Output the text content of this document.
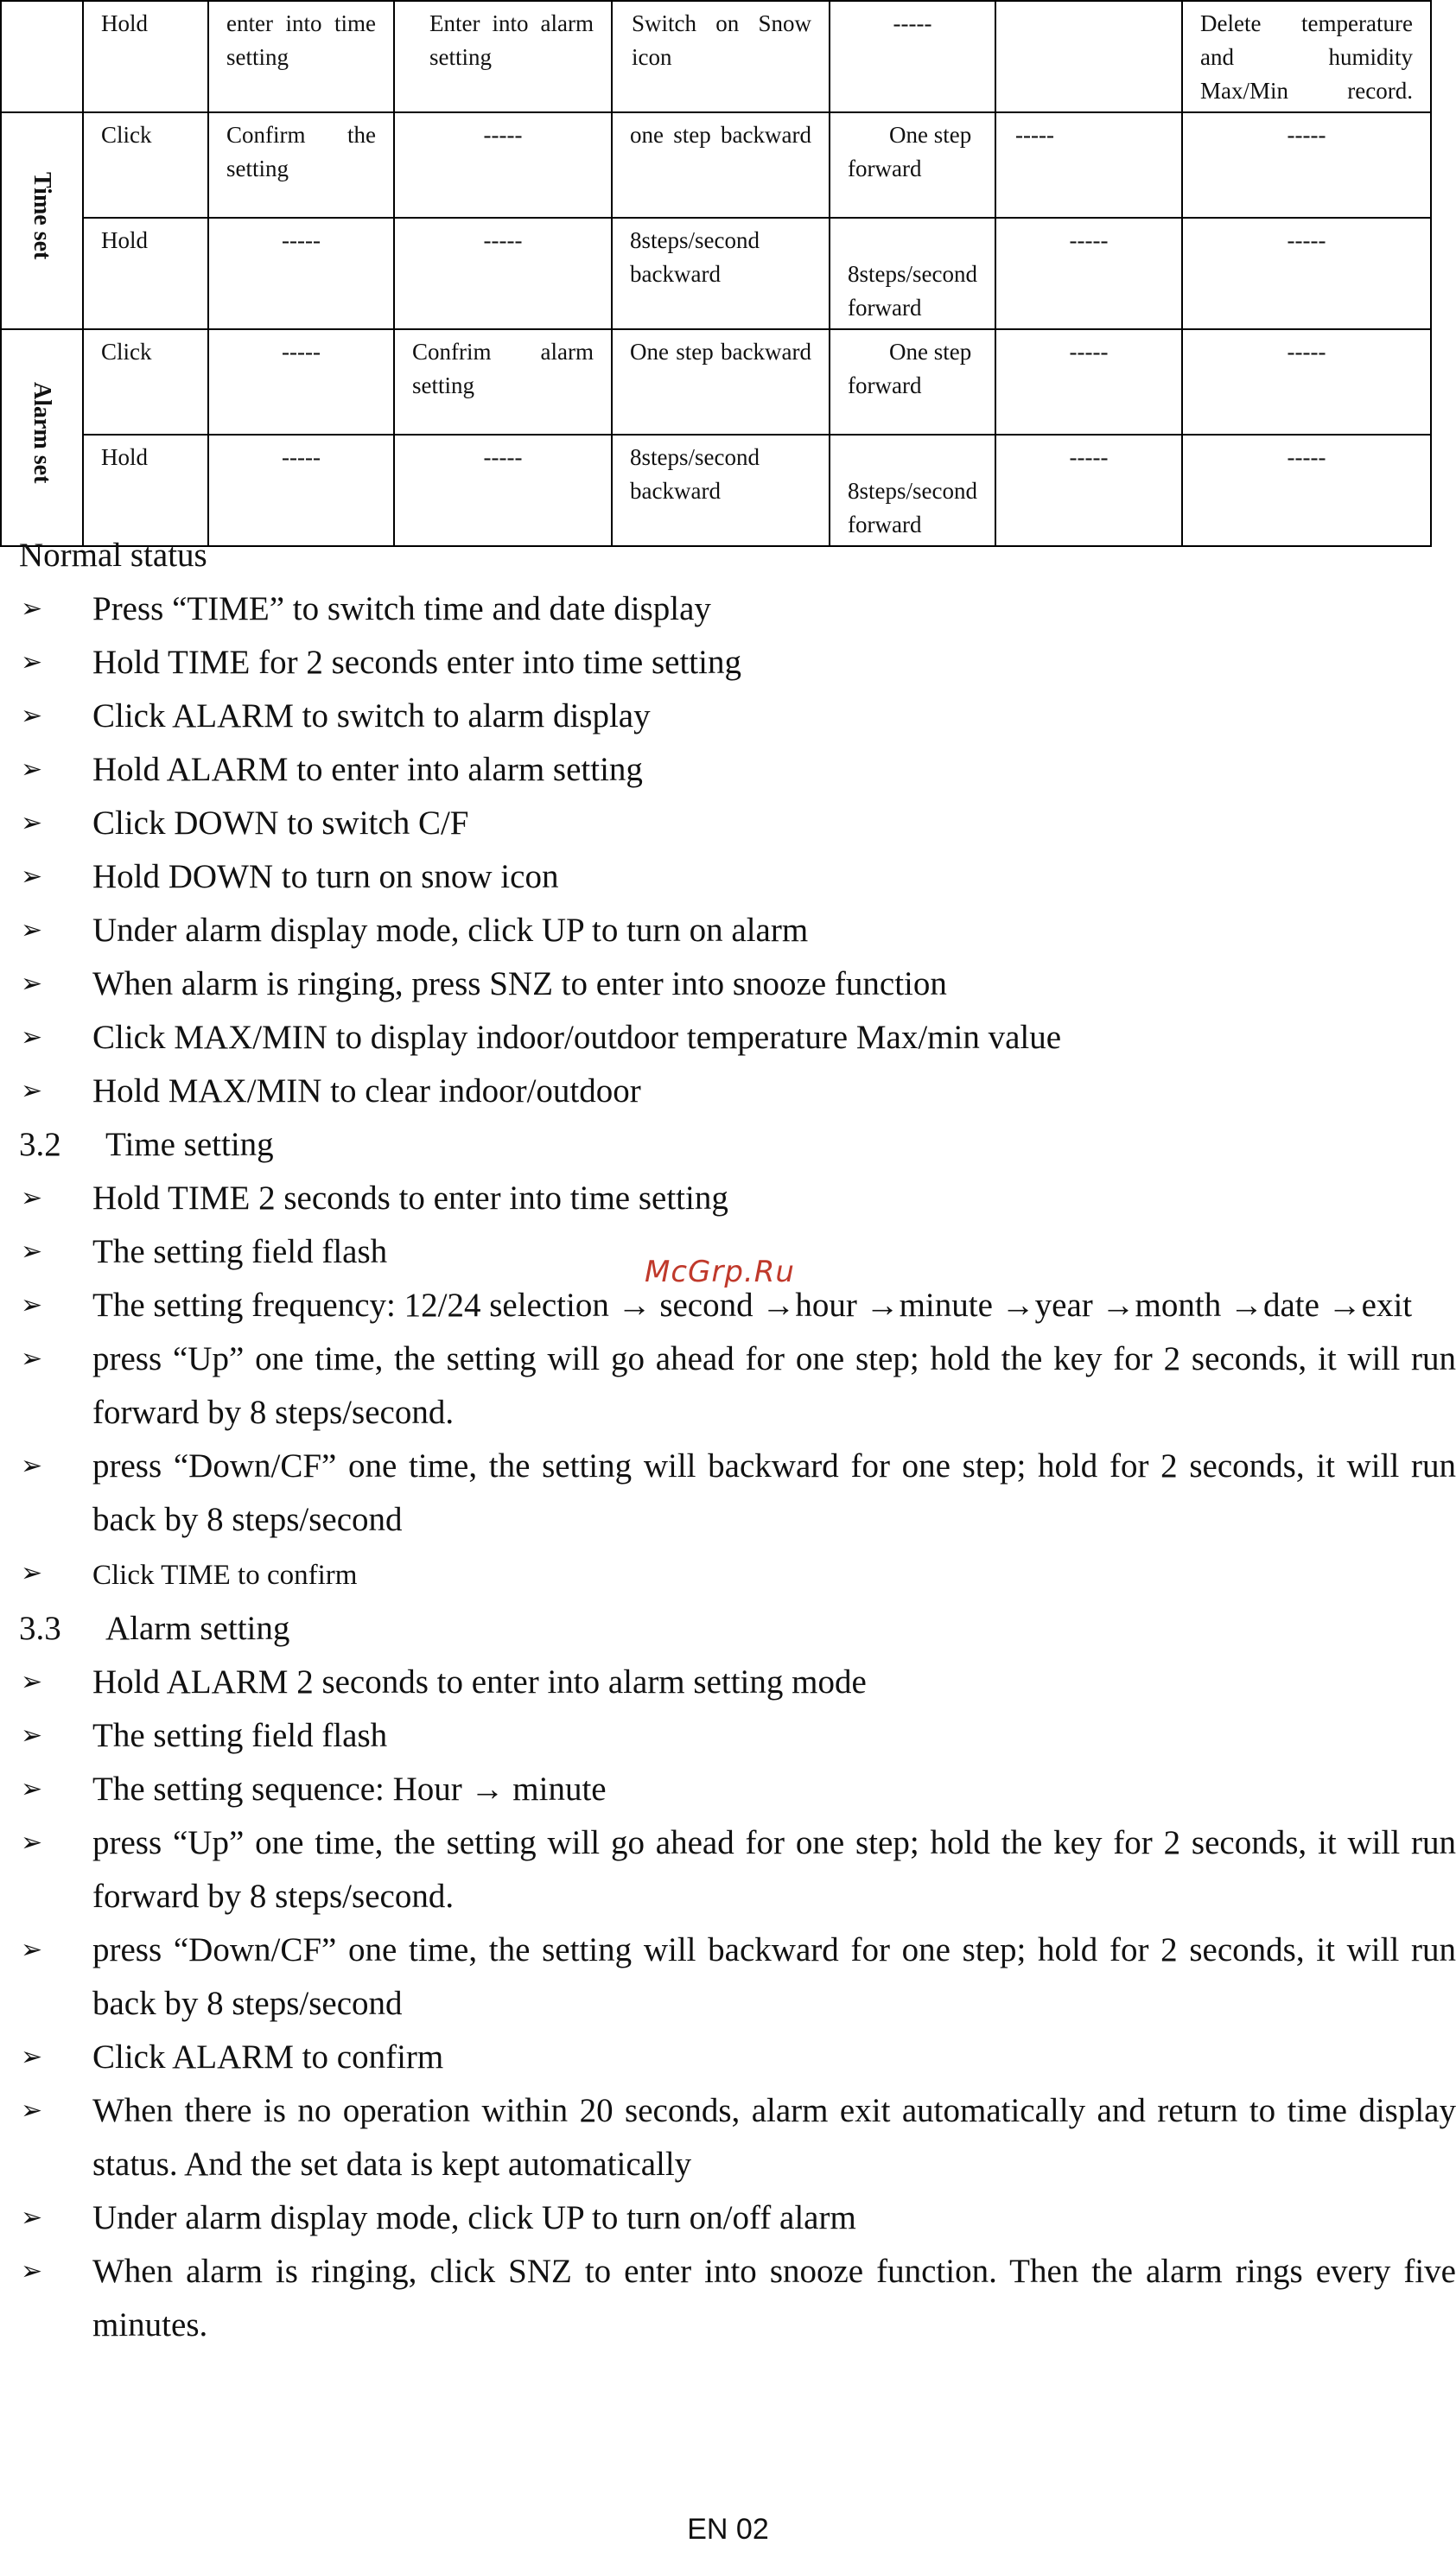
	Hold	enter into time setting	Enter into alarm setting	Switch on Snow icon	-----		Delete temperature and humidity Max/Min record.
Time set	Click	Confirm the setting	-----	one step backward	One step forward	-----	-----
	Hold	-----	-----	8steps/second backward	8steps/second forward	-----	-----
Alarm set	Click	-----	Confrim alarm setting	One step backward	One step forward	-----	-----
	Hold	-----	-----	8steps/second backward	8steps/second forward	-----	-----
Normal status
➢ Press “TIME” to switch time and date display
➢ Hold TIME for 2 seconds enter into time setting
➢ Click ALARM to switch to alarm display
➢ Hold ALARM to enter into alarm setting
➢ Click DOWN to switch C/F
➢ Hold DOWN to turn on snow icon
➢ Under alarm display mode, click UP to turn on alarm
➢ When alarm is ringing, press SNZ to enter into snooze function
➢ Click MAX/MIN to display indoor/outdoor temperature Max/min value
➢ Hold MAX/MIN to clear indoor/outdoor
3.2 Time setting
➢ Hold TIME 2 seconds to enter into time setting
➢ The setting field flash
➢ The setting frequency: 12/24 selection → second →hour →minute →year →month →date →exit
➢ press “Up” one time, the setting will go ahead for one step; hold the key for 2 seconds, it will run forward by 8 steps/second.
➢ press “Down/CF” one time, the setting will backward for one step; hold for 2 seconds, it will run back by 8 steps/second
➢ Click TIME to confirm
3.3 Alarm setting
➢ Hold ALARM 2 seconds to enter into alarm setting mode
➢ The setting field flash
➢ The setting sequence: Hour → minute
➢ press “Up” one time, the setting will go ahead for one step; hold the key for 2 seconds, it will run forward by 8 steps/second.
➢ press “Down/CF” one time, the setting will backward for one step; hold for 2 seconds, it will run back by 8 steps/second
➢ Click ALARM to confirm
➢ When there is no operation within 20 seconds, alarm exit automatically and return to time display status. And the set data is kept automatically
➢ Under alarm display mode, click UP to turn on/off alarm
➢ When alarm is ringing, click SNZ to enter into snooze function. Then the alarm rings every five minutes.
McGrp.Ru
EN 02
